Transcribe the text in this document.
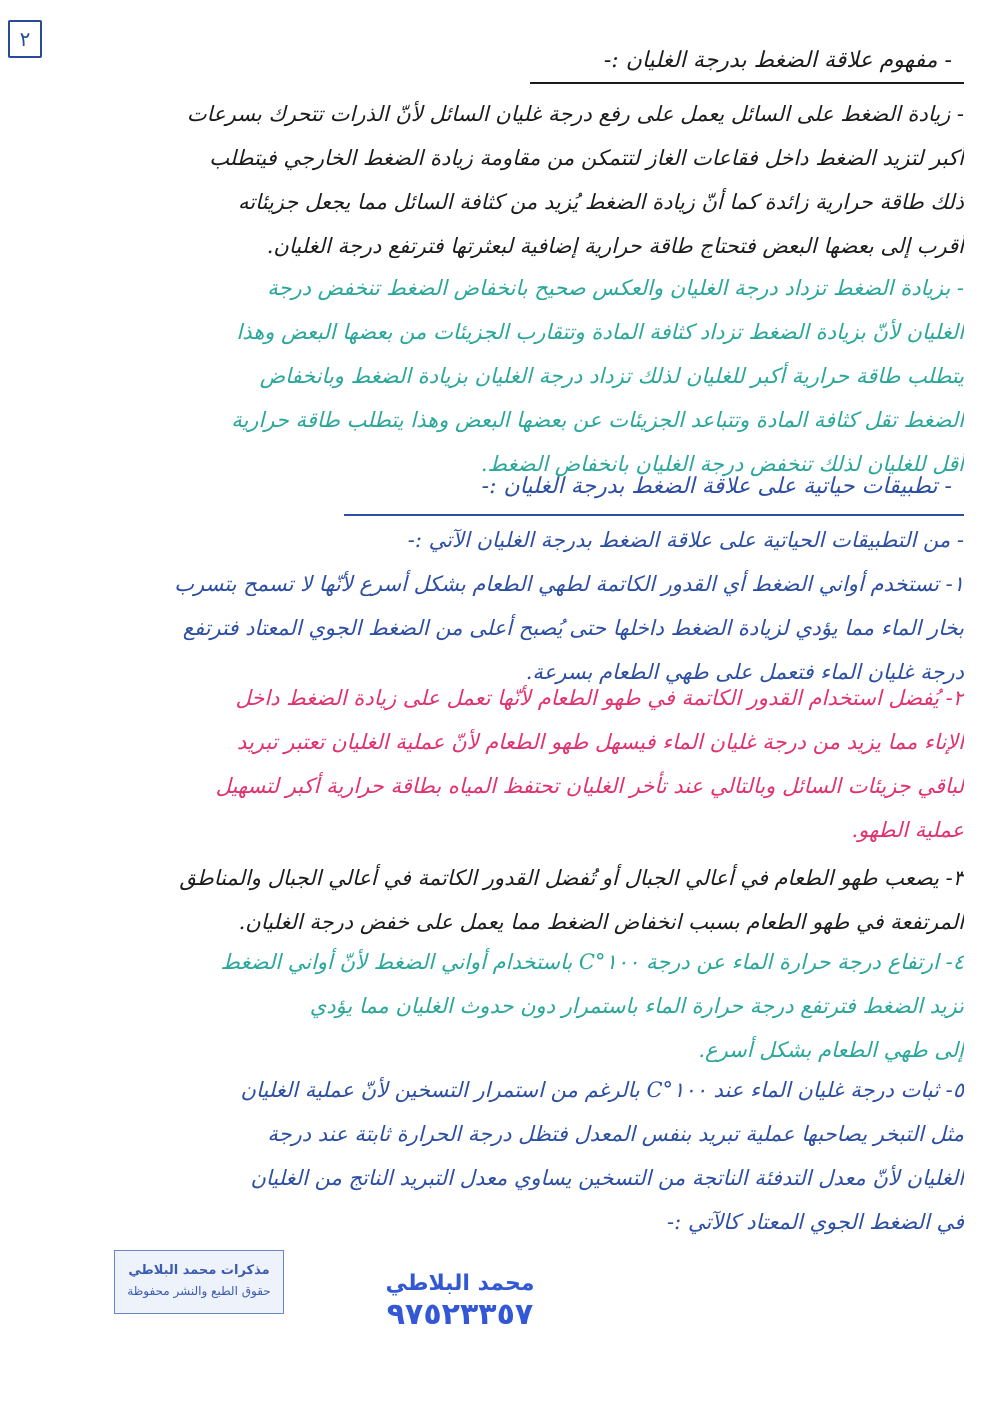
٢
- مفهوم علاقة الضغط بدرجة الغليان :-
- زيادة الضغط على السائل يعمل على رفع درجة غليان السائل لأنّ الذرات تتحرك بسرعات
أكبر لتزيد الضغط داخل فقاعات الغاز لتتمكن من مقاومة زيادة الضغط الخارجي فيتطلب
ذلك طاقة حرارية زائدة كما أنّ زيادة الضغط يُزيد من كثافة السائل مما يجعل جزيئاته
أقرب إلى بعضها البعض فتحتاج طاقة حرارية إضافية لبعثرتها فترتفع درجة الغليان.
- بزيادة الضغط تزداد درجة الغليان والعكس صحيح بانخفاض الضغط تنخفض درجة
الغليان لأنّ بزيادة الضغط تزداد كثافة المادة وتتقارب الجزيئات من بعضها البعض وهذا
يتطلب طاقة حرارية أكبر للغليان لذلك تزداد درجة الغليان بزيادة الضغط وبانخفاض
الضغط تقل كثافة المادة وتتباعد الجزيئات عن بعضها البعض وهذا يتطلب طاقة حرارية
أقل للغليان لذلك تنخفض درجة الغليان بانخفاض الضغط.
- تطبيقات حياتية على علاقة الضغط بدرجة الغليان :-
- من التطبيقات الحياتية على علاقة الضغط بدرجة الغليان الآتي :-
١- تستخدم أواني الضغط أي القدور الكاتمة لطهي الطعام بشكل أسرع لأنّها لا تسمح بتسرب
بخار الماء مما يؤدي لزيادة الضغط داخلها حتى يُصبح أعلى من الضغط الجوي المعتاد فترتفع
درجة غليان الماء فتعمل على طهي الطعام بسرعة.
٢- يُفضل استخدام القدور الكاتمة في طهو الطعام لأنّها تعمل على زيادة الضغط داخل
الإناء مما يزيد من درجة غليان الماء فيسهل طهو الطعام لأنّ عملية الغليان تعتبر تبريد
لباقي جزيئات السائل وبالتالي عند تأخر الغليان تحتفظ المياه بطاقة حرارية أكبر لتسهيل
عملية الطهو.
٣- يصعب طهو الطعام في أعالي الجبال أو تُفضل القدور الكاتمة في أعالي الجبال والمناطق
المرتفعة في طهو الطعام بسبب انخفاض الضغط مما يعمل على خفض درجة الغليان.
٤- ارتفاع درجة حرارة الماء عن درجة ١٠٠°C باستخدام أواني الضغط لأنّ أواني الضغط
تزيد الضغط فترتفع درجة حرارة الماء باستمرار دون حدوث الغليان مما يؤدي
إلى طهي الطعام بشكل أسرع.
٥- ثبات درجة غليان الماء عند ١٠٠°C بالرغم من استمرار التسخين لأنّ عملية الغليان
مثل التبخر يصاحبها عملية تبريد بنفس المعدل فتظل درجة الحرارة ثابتة عند درجة
الغليان لأنّ معدل التدفئة الناتجة من التسخين يساوي معدل التبريد الناتج من الغليان
في الضغط الجوي المعتاد كالآتي :-
مذكرات محمد البلاطي
حقوق الطبع والنشر محفوظة	محمد البلاطي
٩٧٥٢٣٣٥٧
